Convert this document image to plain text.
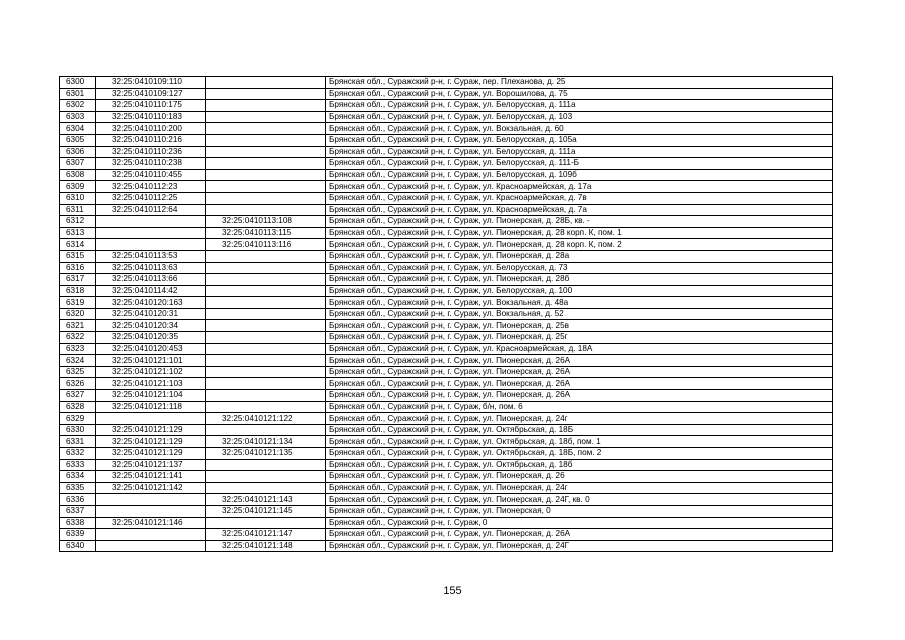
6300	32:25:0410109:110		Брянская обл., Суражский р-н, г. Сураж, пер. Плеханова, д. 25
6301	32:25:0410109:127		Брянская обл., Суражский р-н, г. Сураж, ул. Ворошилова, д. 75
6302	32:25:0410110:175		Брянская обл., Суражский р-н, г. Сураж, ул. Белорусская, д. 111а
6303	32:25:0410110:183		Брянская обл., Суражский р-н, г. Сураж, ул. Белорусская, д. 103
6304	32:25:0410110:200		Брянская обл., Суражский р-н, г. Сураж, ул. Вокзальная, д. 60
6305	32:25:0410110:216		Брянская обл., Суражский р-н, г. Сураж, ул. Белорусская, д. 105а
6306	32:25:0410110:236		Брянская обл., Суражский р-н, г. Сураж, ул. Белорусская, д. 111а
6307	32:25:0410110:238		Брянская обл., Суражский р-н, г. Сураж, ул. Белорусская, д. 111-Б
6308	32:25:0410110:455		Брянская обл., Суражский р-н, г. Сураж, ул. Белорусская, д. 109б
6309	32:25:0410112:23		Брянская обл., Суражский р-н, г. Сураж, ул. Красноармейская, д. 17а
6310	32:25:0410112:25		Брянская обл., Суражский р-н, г. Сураж, ул. Красноармейская, д. 7в
6311	32:25:0410112:64		Брянская обл., Суражский р-н, г. Сураж, ул. Красноармейская, д. 7а
6312		32:25:0410113:108	Брянская обл., Суражский р-н, г. Сураж, ул. Пионерская, д. 28Б, кв. -
6313		32:25:0410113:115	Брянская обл., Суражский р-н, г. Сураж, ул. Пионерская, д. 28 корп. К, пом. 1
6314		32:25:0410113:116	Брянская обл., Суражский р-н, г. Сураж, ул. Пионерская, д. 28 корп. К, пом. 2
6315	32:25:0410113:53		Брянская обл., Суражский р-н, г. Сураж, ул. Пионерская, д. 28а
6316	32:25:0410113:63		Брянская обл., Суражский р-н, г. Сураж, ул. Белорусская, д. 73
6317	32:25:0410113:66		Брянская обл., Суражский р-н, г. Сураж, ул. Пионерская, д. 28б
6318	32:25:0410114:42		Брянская обл., Суражский р-н, г. Сураж, ул. Белорусская, д. 100
6319	32:25:0410120:163		Брянская обл., Суражский р-н, г. Сураж, ул. Вокзальная, д. 48а
6320	32:25:0410120:31		Брянская обл., Суражский р-н, г. Сураж, ул. Вокзальная, д. 52
6321	32:25:0410120:34		Брянская обл., Суражский р-н, г. Сураж, ул. Пионерская, д. 25в
6322	32:25:0410120:35		Брянская обл., Суражский р-н, г. Сураж, ул. Пионерская, д. 25г
6323	32:25:0410120:453		Брянская обл., Суражский р-н, г. Сураж, ул. Красноармейская, д. 18А
6324	32:25:0410121:101		Брянская обл., Суражский р-н, г. Сураж, ул. Пионерская, д. 26А
6325	32:25:0410121:102		Брянская обл., Суражский р-н, г. Сураж, ул. Пионерская, д. 26А
6326	32:25:0410121:103		Брянская обл., Суражский р-н, г. Сураж, ул. Пионерская, д. 26А
6327	32:25:0410121:104		Брянская обл., Суражский р-н, г. Сураж, ул. Пионерская, д. 26А
6328	32:25:0410121:118		Брянская обл., Суражский р-н, г. Сураж, б/н, пом. 6
6329		32:25:0410121:122	Брянская обл., Суражский р-н, г. Сураж, ул. Пионерская, д. 24г
6330	32:25:0410121:129		Брянская обл., Суражский р-н, г. Сураж, ул. Октябрьская, д. 18Б
6331	32:25:0410121:129	32:25:0410121:134	Брянская обл., Суражский р-н, г. Сураж, ул. Октябрьская, д. 18б, пом. 1
6332	32:25:0410121:129	32:25:0410121:135	Брянская обл., Суражский р-н, г. Сураж, ул. Октябрьская, д. 18Б, пом. 2
6333	32:25:0410121:137		Брянская обл., Суражский р-н, г. Сураж, ул. Октябрьская, д. 18б
6334	32:25:0410121:141		Брянская обл., Суражский р-н, г. Сураж, ул. Пионерская, д. 26
6335	32:25:0410121:142		Брянская обл., Суражский р-н, г. Сураж, ул. Пионерская, д. 24г
6336		32:25:0410121:143	Брянская обл., Суражский р-н, г. Сураж, ул. Пионерская, д. 24Г, кв. 0
6337		32:25:0410121:145	Брянская обл., Суражский р-н, г. Сураж, ул. Пионерская, 0
6338	32:25:0410121:146		Брянская обл., Суражский р-н, г. Сураж, 0
6339		32:25:0410121:147	Брянская обл., Суражский р-н, г. Сураж, ул. Пионерская, д. 26А
6340		32:25:0410121:148	Брянская обл., Суражский р-н, г. Сураж, ул. Пионерская, д. 24Г
155
